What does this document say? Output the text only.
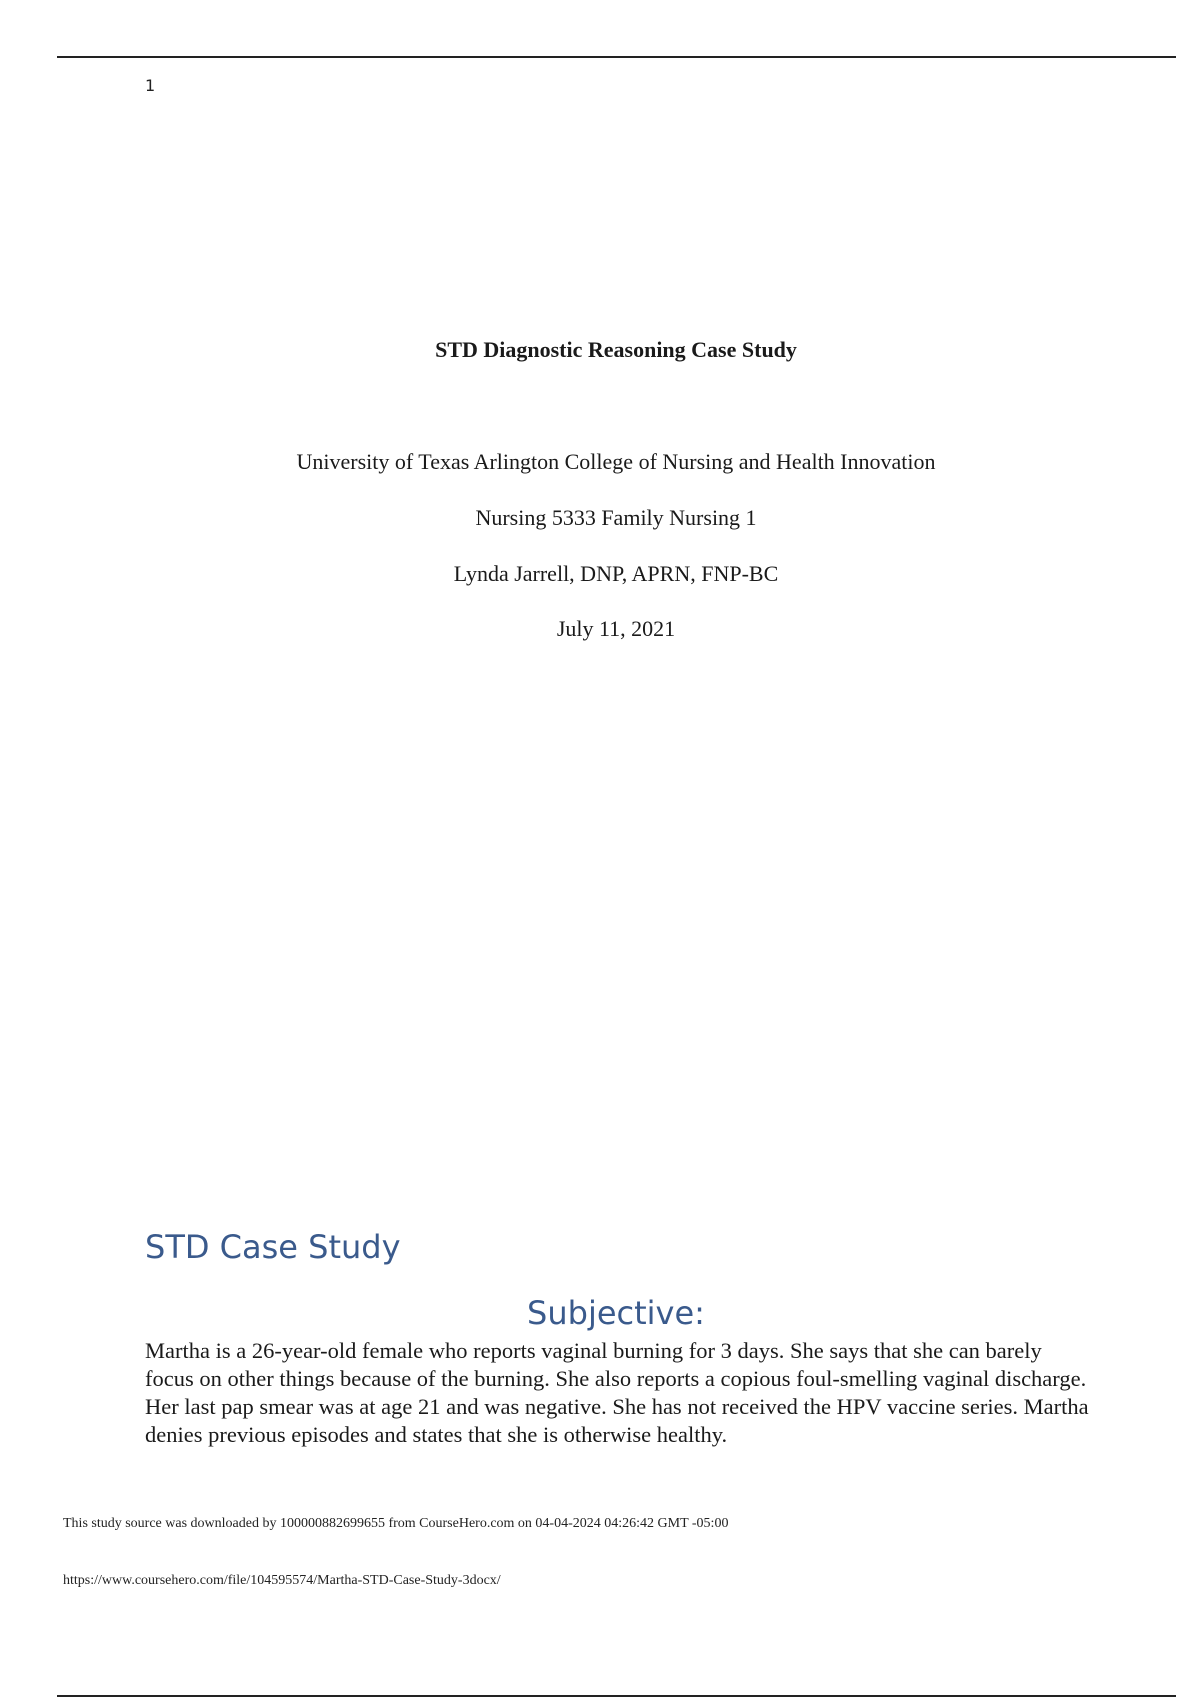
1

STD Diagnostic Reasoning Case Study

University of Texas Arlington College of Nursing and Health Innovation

Nursing 5333 Family Nursing 1

Lynda Jarrell, DNP, APRN, FNP-BC

July 11, 2021

STD Case Study
Subjective:

Martha is a 26-year-old female who reports vaginal burning for 3 days. She says that she can barely focus on other things because of the burning. She also reports a copious foul-smelling vaginal discharge. Her last pap smear was at age 21 and was negative. She has not received the HPV vaccine series. Martha denies previous episodes and states that she is otherwise healthy.

This study source was downloaded by 100000882699655 from CourseHero.com on 04-04-2024 04:26:42 GMT -05:00
https://www.coursehero.com/file/104595574/Martha-STD-Case-Study-3docx/
